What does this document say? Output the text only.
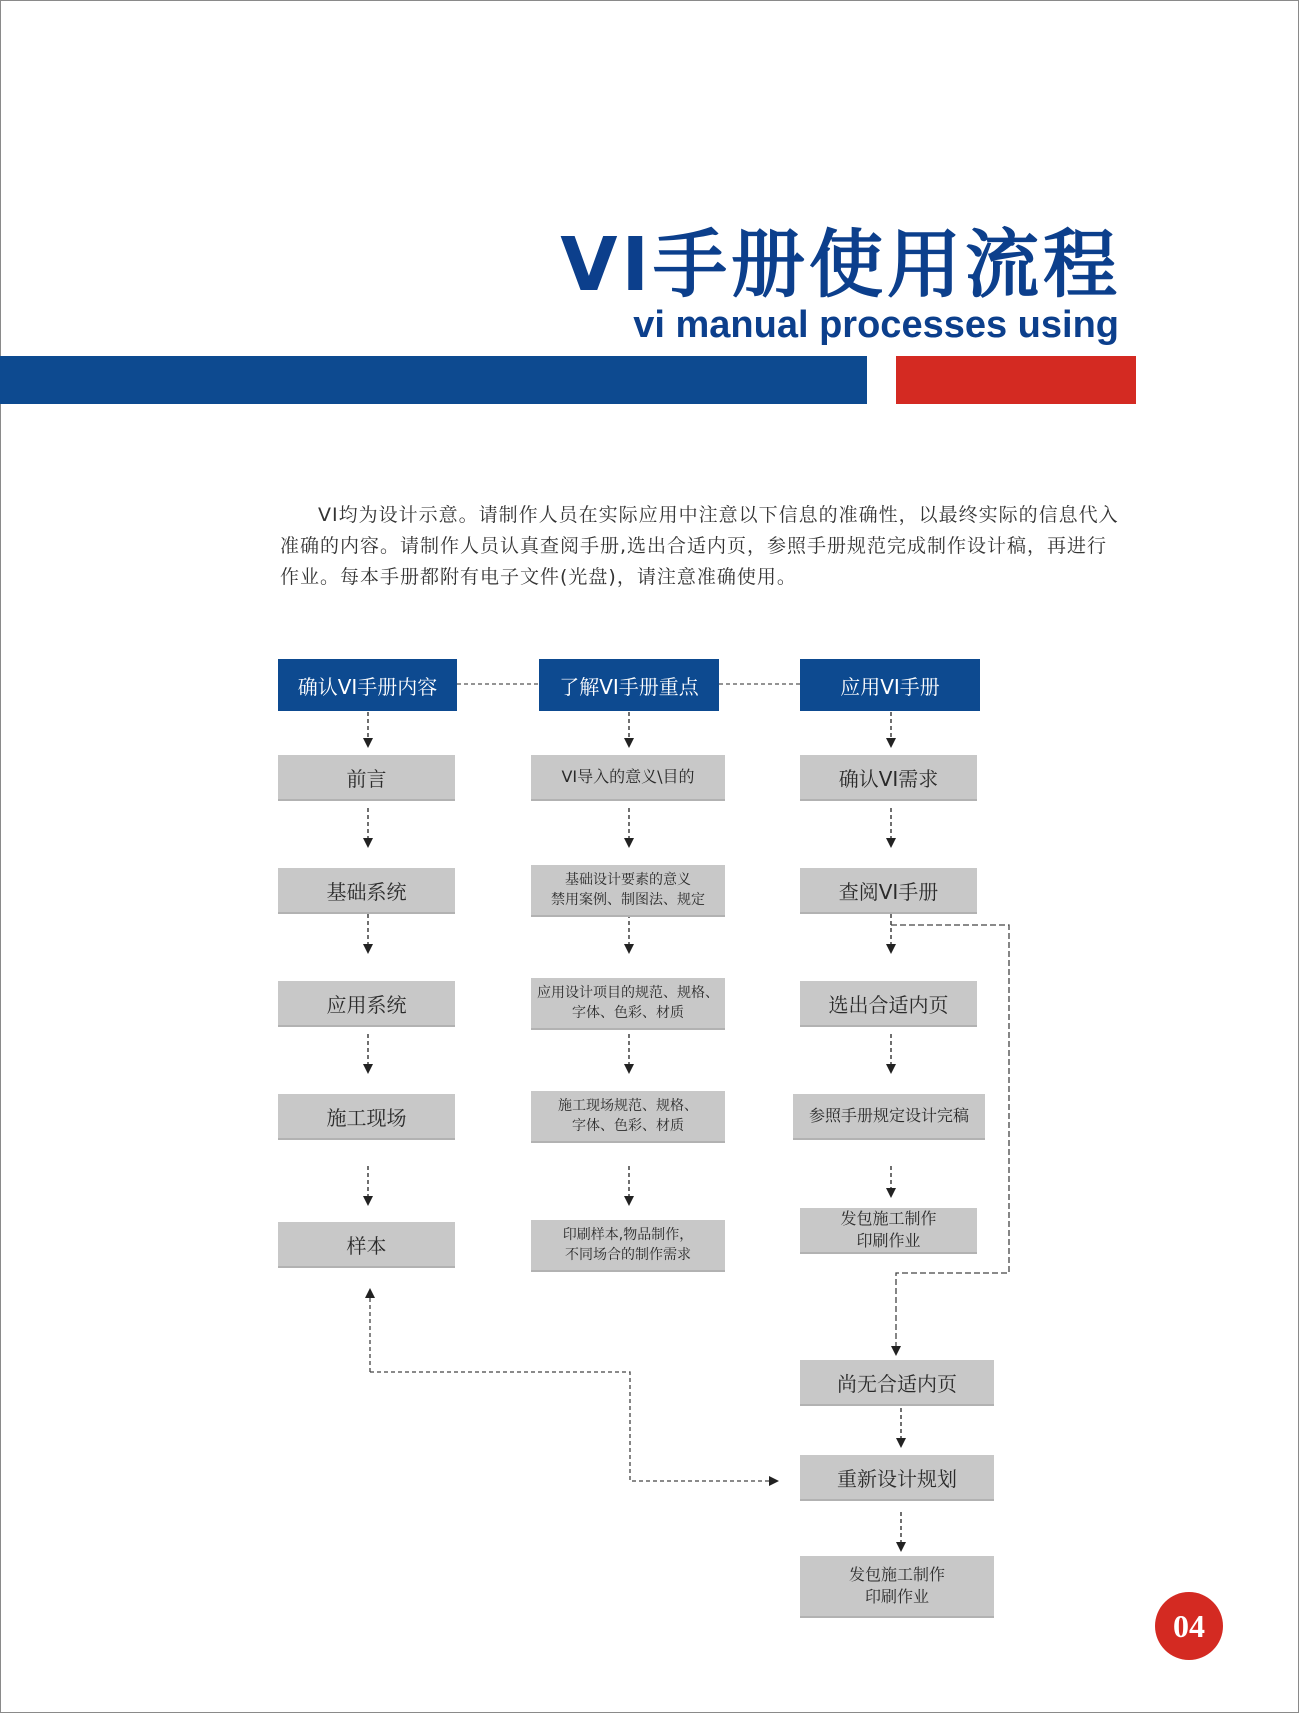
VI手册使用流程
vi manual processes using
VI均为设计示意。请制作人员在实际应用中注意以下信息的准确性，以最终实际的信息代入准确的内容。请制作人员认真查阅手册,选出合适内页，参照手册规范完成制作设计稿，再进行作业。每本手册都附有电子文件(光盘)，请注意准确使用。
确认VI手册内容
前言
基础系统
应用系统
施工现场
样本
了解VI手册重点
VI导入的意义\目的
基础设计要素的意义
禁用案例、制图法、规定
应用设计项目的规范、规格、
字体、色彩、材质
施工现场规范、规格、
字体、色彩、材质
印刷样本,物品制作，
不同场合的制作需求
应用VI手册
确认VI需求
查阅VI手册
选出合适内页
参照手册规定设计完稿
发包施工制作
印刷作业
尚无合适内页
重新设计规划
发包施工制作
印刷作业
04
